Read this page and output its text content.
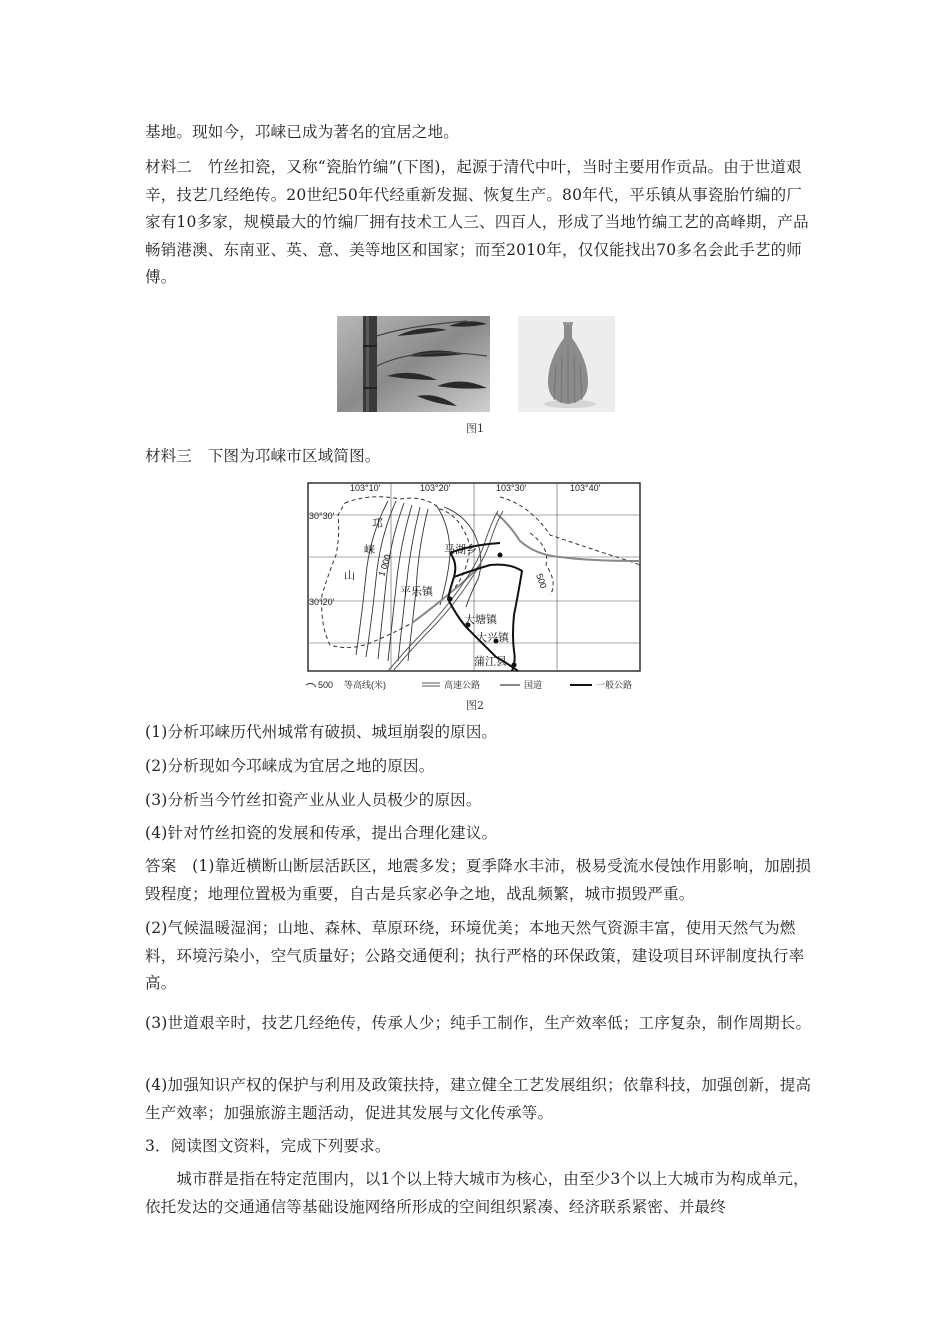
基地。现如今，邛崃已成为著名的宜居之地。

材料二　竹丝扣瓷，又称“瓷胎竹编”(下图)，起源于清代中叶，当时主要用作贡品。由于世道艰辛，技艺几经绝传。20世纪50年代经重新发掘、恢复生产。80年代，平乐镇从事瓷胎竹编的厂家有10多家，规模最大的竹编厂拥有技术工人三、四百人，形成了当地竹编工艺的高峰期，产品畅销港澳、东南亚、英、意、美等地区和国家；而至2010年，仅仅能找出70多名会此手艺的师傅。

图1

材料三　下图为邛崃市区域简图。

103°10′	103°20′	103°30′	103°40′
30°30′
30°20′
邛
崃
山
马湖乡
平乐镇
大塘镇
大兴镇
蒲江县
1 000
500
500 等高线(米)	高速公路	国道	一般公路
图2

(1)分析邛崃历代州城常有破损、城垣崩裂的原因。

(2)分析现如今邛崃成为宜居之地的原因。

(3)分析当今竹丝扣瓷产业从业人员极少的原因。

(4)针对竹丝扣瓷的发展和传承，提出合理化建议。

答案　(1)靠近横断山断层活跃区，地震多发；夏季降水丰沛，极易受流水侵蚀作用影响，加剧损毁程度；地理位置极为重要，自古是兵家必争之地，战乱频繁，城市损毁严重。

(2)气候温暖湿润；山地、森林、草原环绕，环境优美；本地天然气资源丰富，使用天然气为燃料，环境污染小，空气质量好；公路交通便利；执行严格的环保政策，建设项目环评制度执行率高。

(3)世道艰辛时，技艺几经绝传，传承人少；纯手工制作，生产效率低；工序复杂，制作周期长。

(4)加强知识产权的保护与利用及政策扶持，建立健全工艺发展组织；依靠科技，加强创新，提高生产效率；加强旅游主题活动，促进其发展与文化传承等。

3．阅读图文资料，完成下列要求。

　　城市群是指在特定范围内，以1个以上特大城市为核心，由至少3个以上大城市为构成单元，依托发达的交通通信等基础设施网络所形成的空间组织紧凑、经济联系紧密、并最终
